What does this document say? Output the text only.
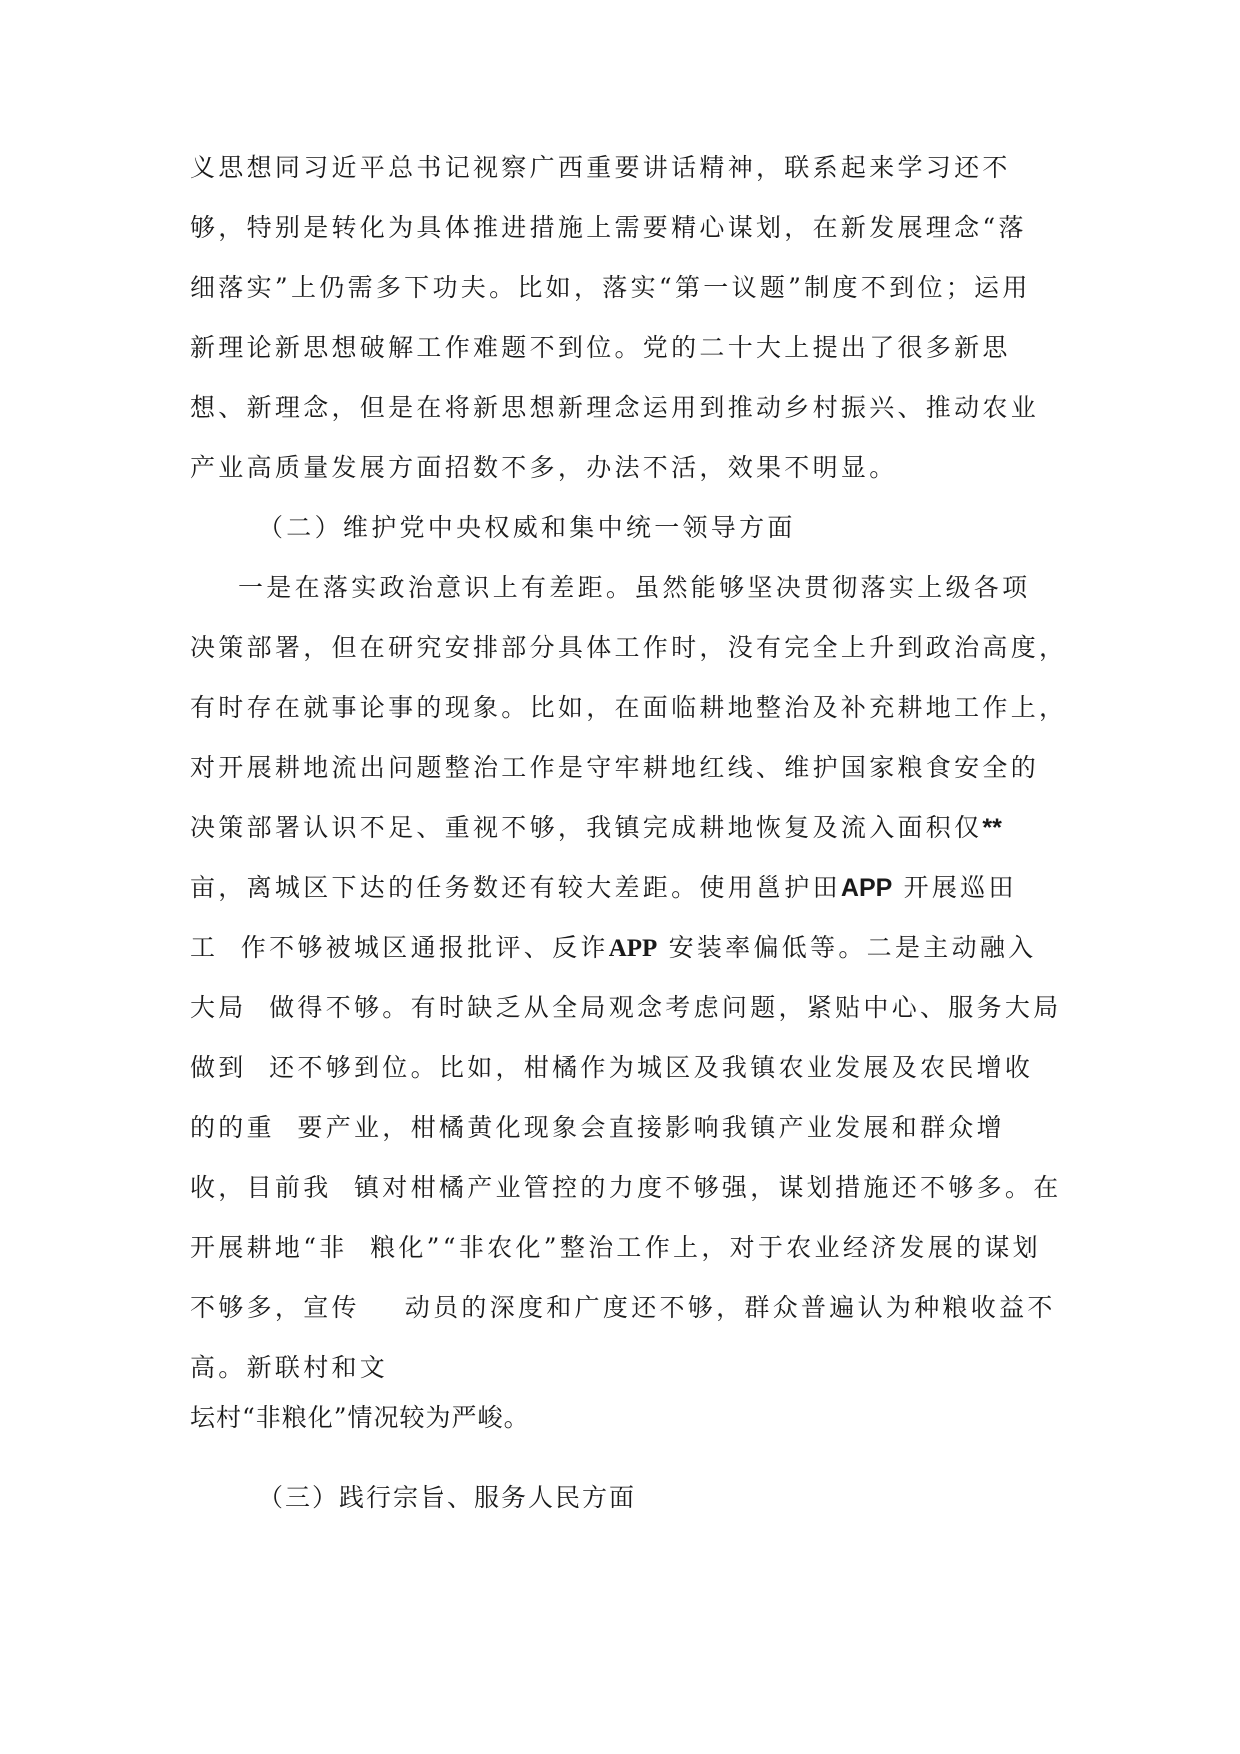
义思想同习近平总书记视察广西重要讲话精神，联系起来学习还不
够，特别是转化为具体推进措施上需要精心谋划，在新发展理念“落
细落实”上仍需多下功夫。比如，落实“第一议题”制度不到位；运用
新理论新思想破解工作难题不到位。党的二十大上提出了很多新思
想、新理念，但是在将新思想新理念运用到推动乡村振兴、推动农业
产业高质量发展方面招数不多，办法不活，效果不明显。
（二）维护党中央权威和集中统一领导方面
一是在落实政治意识上有差距。虽然能够坚决贯彻落实上级各项
决策部署，但在研究安排部分具体工作时，没有完全上升到政治高度，
有时存在就事论事的现象。比如，在面临耕地整治及补充耕地工作上，
对开展耕地流出问题整治工作是守牢耕地红线、维护国家粮食安全的
决策部署认识不足、重视不够，我镇完成耕地恢复及流入面积仅**
亩，离城区下达的任务数还有较大差距。使用邕护田APP 开展巡田
工  作不够被城区通报批评、反诈APP 安装率偏低等。二是主动融入
大局  做得不够。有时缺乏从全局观念考虑问题，紧贴中心、服务大局
做到  还不够到位。比如，柑橘作为城区及我镇农业发展及农民增收
的的重  要产业，柑橘黄化现象会直接影响我镇产业发展和群众增
收，目前我  镇对柑橘产业管控的力度不够强，谋划措施还不够多。在
开展耕地“非  粮化”“非农化”整治工作上，对于农业经济发展的谋划
不够多，宣传    动员的深度和广度还不够，群众普遍认为种粮收益不
高。新联村和文
坛村“非粮化”情况较为严峻。
（三）践行宗旨、服务人民方面
